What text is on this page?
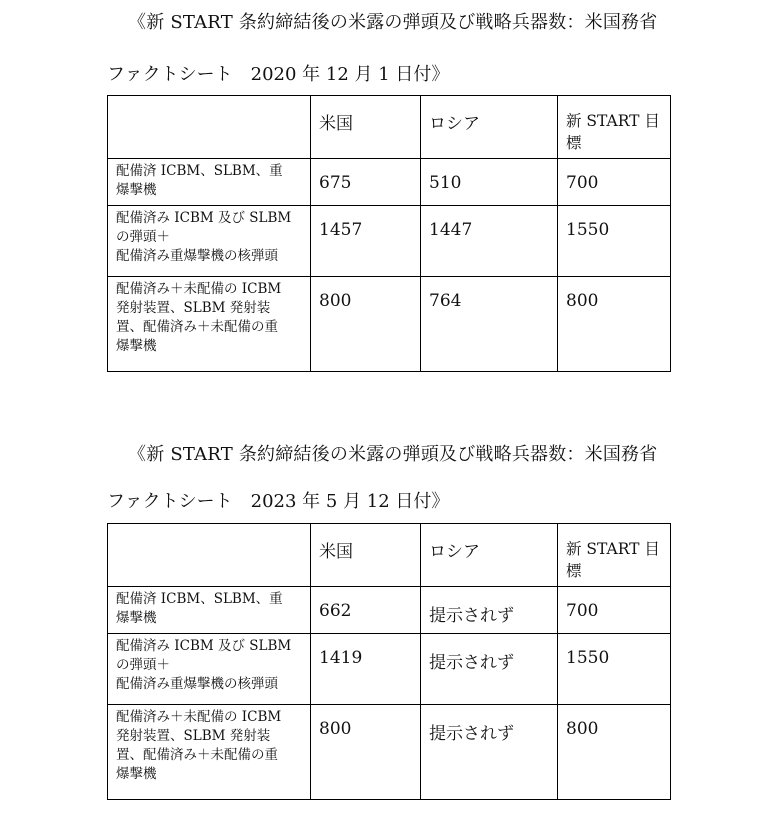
《新 START 条約締結後の米露の弾頭及び戦略兵器数：米国務省
ファクトシート　2020 年 12 月 1 日付》
	米国	ロシア	新 START 目標
配備済 ICBM、SLBM、重
爆撃機	675	510	700
配備済み ICBM 及び SLBM
の弾頭＋
配備済み重爆撃機の核弾頭	1457	1447	1550
配備済み＋未配備の ICBM
発射装置、SLBM 発射装
置、配備済み＋未配備の重
爆撃機	800	764	800
《新 START 条約締結後の米露の弾頭及び戦略兵器数：米国務省
ファクトシート　2023 年 5 月 12 日付》
	米国	ロシア	新 START 目標
配備済 ICBM、SLBM、重
爆撃機	662	提示されず	700
配備済み ICBM 及び SLBM
の弾頭＋
配備済み重爆撃機の核弾頭	1419	提示されず	1550
配備済み＋未配備の ICBM
発射装置、SLBM 発射装
置、配備済み＋未配備の重
爆撃機	800	提示されず	800
